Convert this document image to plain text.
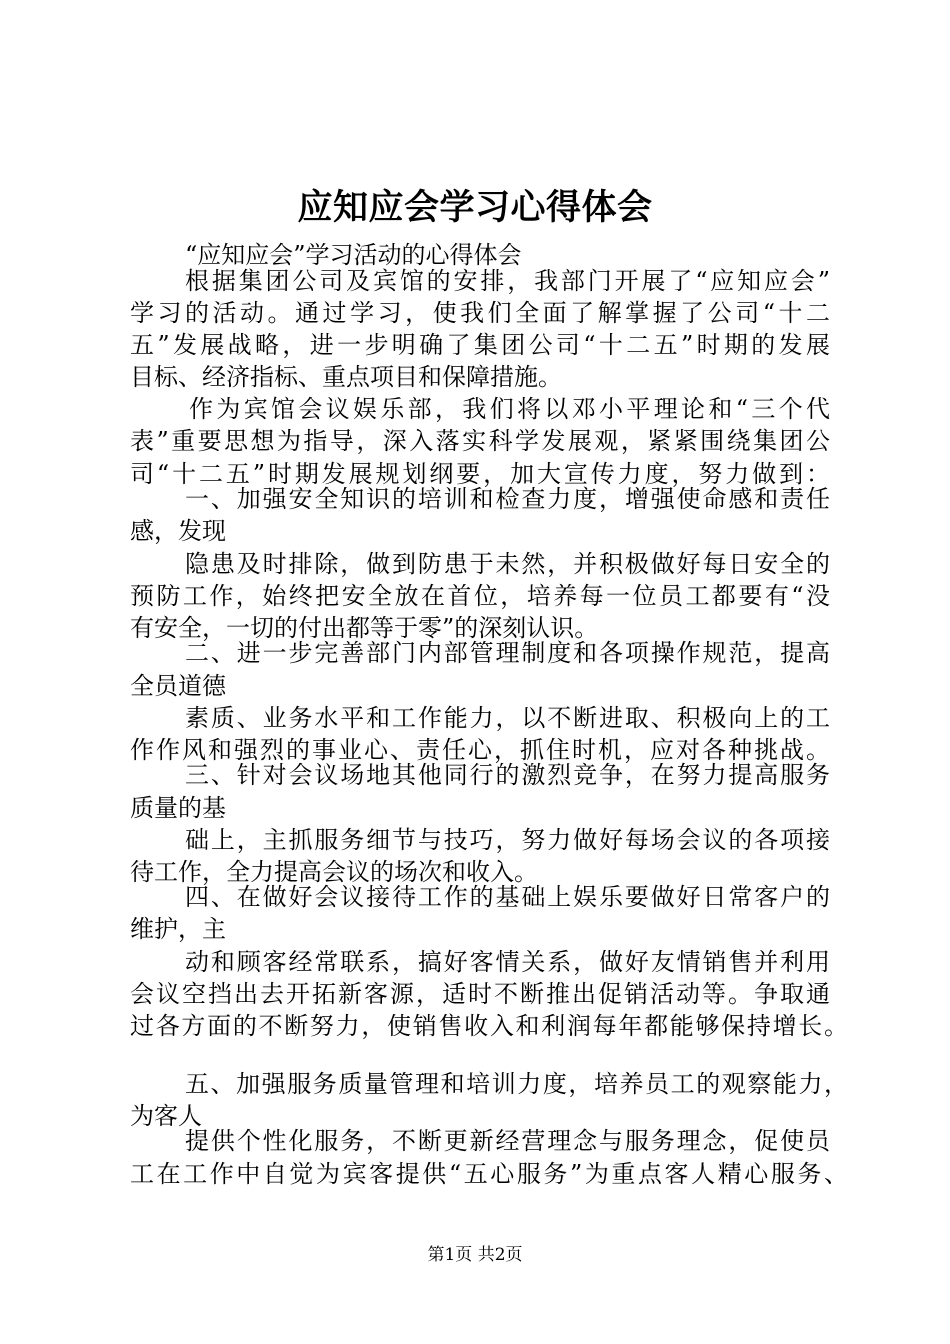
应知应会学习心得体会
“应知应会”学习活动的心得体会
根据集团公司及宾馆的安排，我部门开展了“应知应会”
学习的活动。通过学习，使我们全面了解掌握了公司“十二
五”发展战略，进一步明确了集团公司“十二五”时期的发展
目标、经济指标、重点项目和保障措施。
作为宾馆会议娱乐部，我们将以邓小平理论和“三个代
表”重要思想为指导，深入落实科学发展观，紧紧围绕集团公
司“十二五”时期发展规划纲要，加大宣传力度，努力做到：
一、加强安全知识的培训和检查力度，增强使命感和责任
感，发现
隐患及时排除，做到防患于未然，并积极做好每日安全的
预防工作，始终把安全放在首位，培养每一位员工都要有“没
有安全，一切的付出都等于零”的深刻认识。
二、进一步完善部门内部管理制度和各项操作规范，提高
全员道德
素质、业务水平和工作能力，以不断进取、积极向上的工
作作风和强烈的事业心、责任心，抓住时机，应对各种挑战。
三、针对会议场地其他同行的激烈竞争，在努力提高服务
质量的基
础上，主抓服务细节与技巧，努力做好每场会议的各项接
待工作，全力提高会议的场次和收入。
四、在做好会议接待工作的基础上娱乐要做好日常客户的
维护，主
动和顾客经常联系，搞好客情关系，做好友情销售并利用
会议空挡出去开拓新客源，适时不断推出促销活动等。争取通
过各方面的不断努力，使销售收入和利润每年都能够保持增长。
五、加强服务质量管理和培训力度，培养员工的观察能力，
为客人
提供个性化服务，不断更新经营理念与服务理念，促使员
工在工作中自觉为宾客提供“五心服务”为重点客人精心服务、
第1页 共2页
